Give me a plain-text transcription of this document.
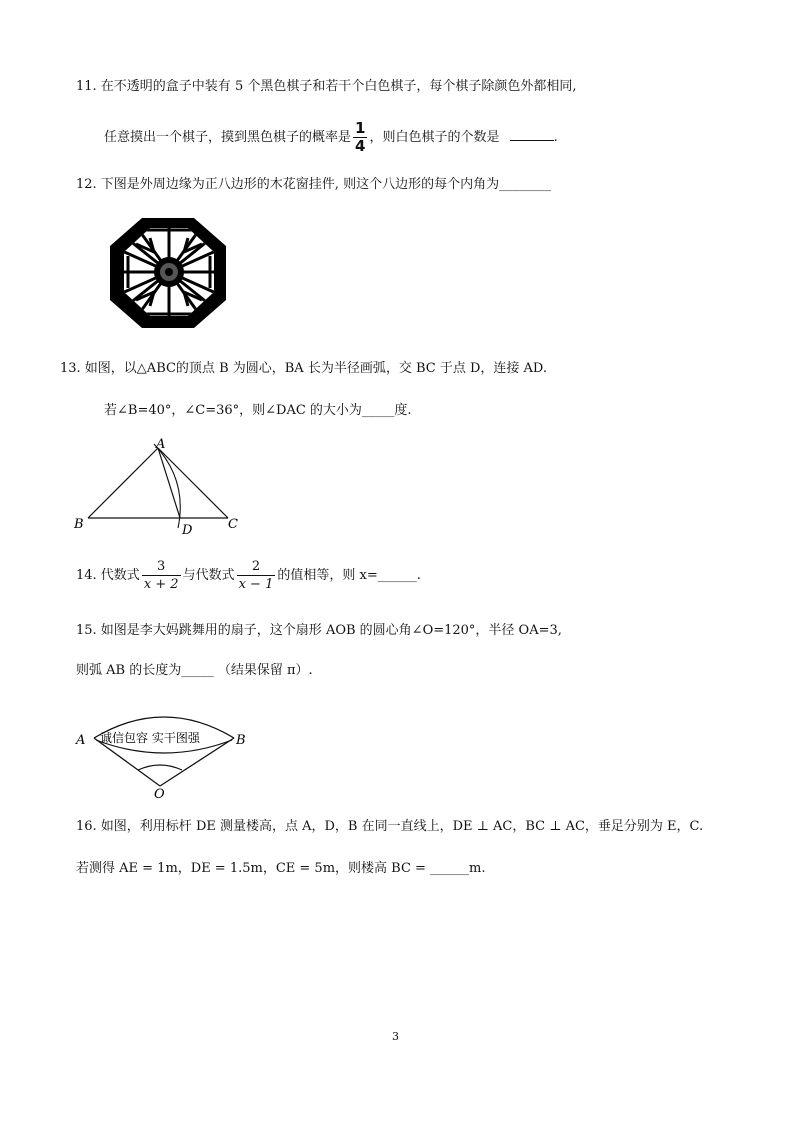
11. 在不透明的盒子中装有 5 个黑色棋子和若干个白色棋子，每个棋子除颜色外都相同,
任意摸出一个棋子，摸到黑色棋子的概率是 $\frac{1}{4}$ ，则白色棋子的个数是	.
12. 下图是外周边缘为正八边形的木花窗挂件, 则这个八边形的每个内角为________
13. 如图，以△ABC的顶点 B 为圆心，BA 长为半径画弧，交 BC 于点 D，连接 AD.
若∠B=40°，∠C=36°，则∠DAC 的大小为_____度.
A
B	C
D
14. 代数式 $\frac{3}{x + 2}$ 与代数式 $\frac{2}{x - 1}$ 的值相等，则 x=______.
15. 如图是李大妈跳舞用的扇子，这个扇形 AOB 的圆心角∠O=120°，半径 OA=3,
则弧 AB 的长度为_____ （结果保留 π）.
诚信包容 实干图强
A	B
O
16. 如图，利用标杆 DE 测量楼高，点 A，D，B 在同一直线上，DE ⊥ AC，BC ⊥ AC，垂足分别为 E，C.
若测得 AE = 1m，DE = 1.5m，CE = 5m，则楼高 BC = ______m.
3
